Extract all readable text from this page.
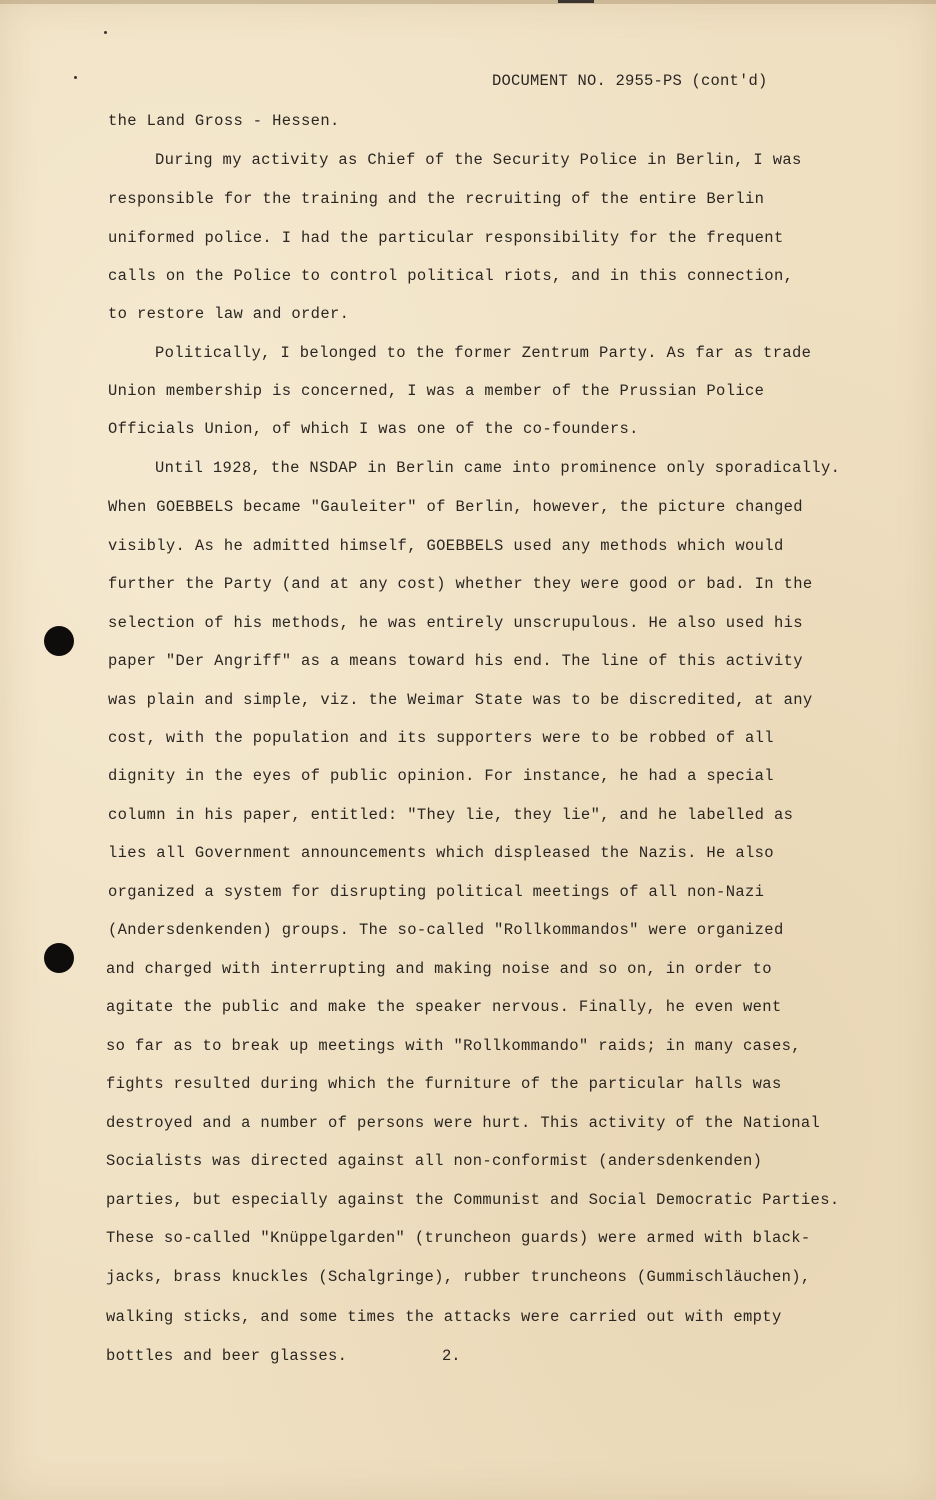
DOCUMENT NO. 2955-PS (cont'd)
the Land Gross - Hessen.
During my activity as Chief of the Security Police in Berlin, I was
responsible for the training and the recruiting of the entire Berlin
uniformed police. I had the particular responsibility for the frequent
calls on the Police to control political riots, and in this connection,
to restore law and order.
Politically, I belonged to the former Zentrum Party. As far as trade
Union membership is concerned, I was a member of the Prussian Police
Officials Union, of which I was one of the co-founders.
Until 1928, the NSDAP in Berlin came into prominence only sporadically.
When GOEBBELS became "Gauleiter" of Berlin, however, the picture changed
visibly. As he admitted himself, GOEBBELS used any methods which would
further the Party (and at any cost) whether they were good or bad. In the
selection of his methods, he was entirely unscrupulous. He also used his
paper "Der Angriff" as a means toward his end. The line of this activity
was plain and simple, viz. the Weimar State was to be discredited, at any
cost, with the population and its supporters were to be robbed of all
dignity in the eyes of public opinion. For instance, he had a special
column in his paper, entitled: "They lie, they lie", and he labelled as
lies all Government announcements which displeased the Nazis. He also
organized a system for disrupting political meetings of all non-Nazi
(Andersdenkenden) groups. The so-called "Rollkommandos" were organized
and charged with interrupting and making noise and so on, in order to
agitate the public and make the speaker nervous. Finally, he even went
so far as to break up meetings with "Rollkommando" raids; in many cases,
fights resulted during which the furniture of the particular halls was
destroyed and a number of persons were hurt. This activity of the National
Socialists was directed against all non-conformist (andersdenkenden)
parties, but especially against the Communist and Social Democratic Parties.
These so-called "Knüppelgarden" (truncheon guards) were armed with black-
jacks, brass knuckles (Schalgringe), rubber truncheons (Gummischläuchen),
walking sticks, and some times the attacks were carried out with empty
bottles and beer glasses.	2.
